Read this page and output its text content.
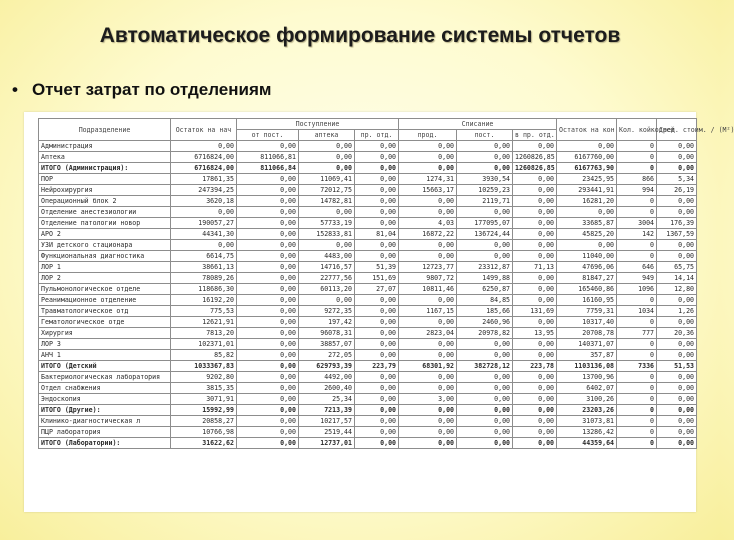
Автоматическое формирование системы отчетов
• Отчет затрат по отделениям
Подразделение	Остаток на нач	Поступление			Списание			Остаток на кон	Кол. койкодней	Сред. стоим. / (М²)
		от пост.	аптека	пр. отд.	прод.	пост.	в пр. отд.			
Администрация	0,00	0,00	0,00	0,00	0,00	0,00	0,00	0,00	0	0,00
Аптека	6716824,00	811066,81	0,00	0,00	0,00	0,00	1260826,85	6167760,00	0	0,00
ИТОГО (Администрация):	6716824,00	811066,84	0,00	0,00	0,00	0,00	1260826,85	6167763,90	0	0,00
ПОР	17861,35	0,00	11069,41	0,00	1274,31	3930,54	0,00	23425,95	866	5,34
Нейрохирургия	247394,25	0,00	72012,75	0,00	15663,17	10259,23	0,00	293441,91	994	26,19
Операционный блок 2	3620,18	0,00	14782,81	0,00	0,00	2119,71	0,00	16281,20	0	0,00
Отделение анестезиологии	0,00	0,00	0,00	0,00	0,00	0,00	0,00	0,00	0	0,00
Отделение патологии новор	190057,27	0,00	57733,19	0,00	4,03	177095,07	0,00	33685,87	3004	176,39
АРО 2	44341,30	0,00	152833,81	81,04	16872,22	136724,44	0,00	45825,20	142	1367,59
УЗИ детского стационара	0,00	0,00	0,00	0,00	0,00	0,00	0,00	0,00	0	0,00
Функциональная диагностика	6614,75	0,00	4483,00	0,00	0,00	0,00	0,00	11040,00	0	0,00
ЛОР 1	38661,13	0,00	14716,57	51,39	12723,77	23312,87	71,13	47696,06	646	65,75
ЛОР 2	78089,26	0,00	22777,56	151,69	9807,72	1499,88	0,00	81847,27	949	14,14
Пульмонологическое отделе	118686,30	0,00	60113,20	27,07	10811,46	6250,87	0,00	165460,86	1096	12,80
Реанимационное отделение	16192,20	0,00	0,00	0,00	0,00	84,85	0,00	16160,95	0	0,00
Травматологическое отд	775,53	0,00	9272,35	0,00	1167,15	185,66	131,69	7759,31	1034	1,26
Гематологическое отде	12621,91	0,00	197,42	0,00	0,00	2460,96	0,00	10317,40	0	0,00
Хирургия	7813,20	0,00	96078,31	0,00	2823,04	20978,82	13,95	20708,78	777	20,36
ЛОР 3	102371,01	0,00	38857,07	0,00	0,00	0,00	0,00	140371,07	0	0,00
АНЧ 1	85,82	0,00	272,05	0,00	0,00	0,00	0,00	357,87	0	0,00
ИТОГО (Детский	1033367,83	0,00	629793,39	223,79	68301,92	382728,12	223,78	1103136,08	7336	51,53
Бактериологическая лаборатория	9202,80	0,00	4492,00	0,00	0,00	0,00	0,00	13700,96	0	0,00
Отдел снабжения	3815,35	0,00	2600,40	0,00	0,00	0,00	0,00	6402,07	0	0,00
Эндоскопия	3071,91	0,00	25,34	0,00	3,00	0,00	0,00	3100,26	0	0,00
ИТОГО (Другие):	15992,99	0,00	7213,39	0,00	0,00	0,00	0,00	23203,26	0	0,00
Клинико-диагностическая л	20858,27	0,00	10217,57	0,00	0,00	0,00	0,00	31073,81	0	0,00
ПЦР лаборатория	10766,98	0,00	2519,44	0,00	0,00	0,00	0,00	13286,42	0	0,00
ИТОГО (Лаборатории):	31622,62	0,00	12737,01	0,00	0,00	0,00	0,00	44359,64	0	0,00
